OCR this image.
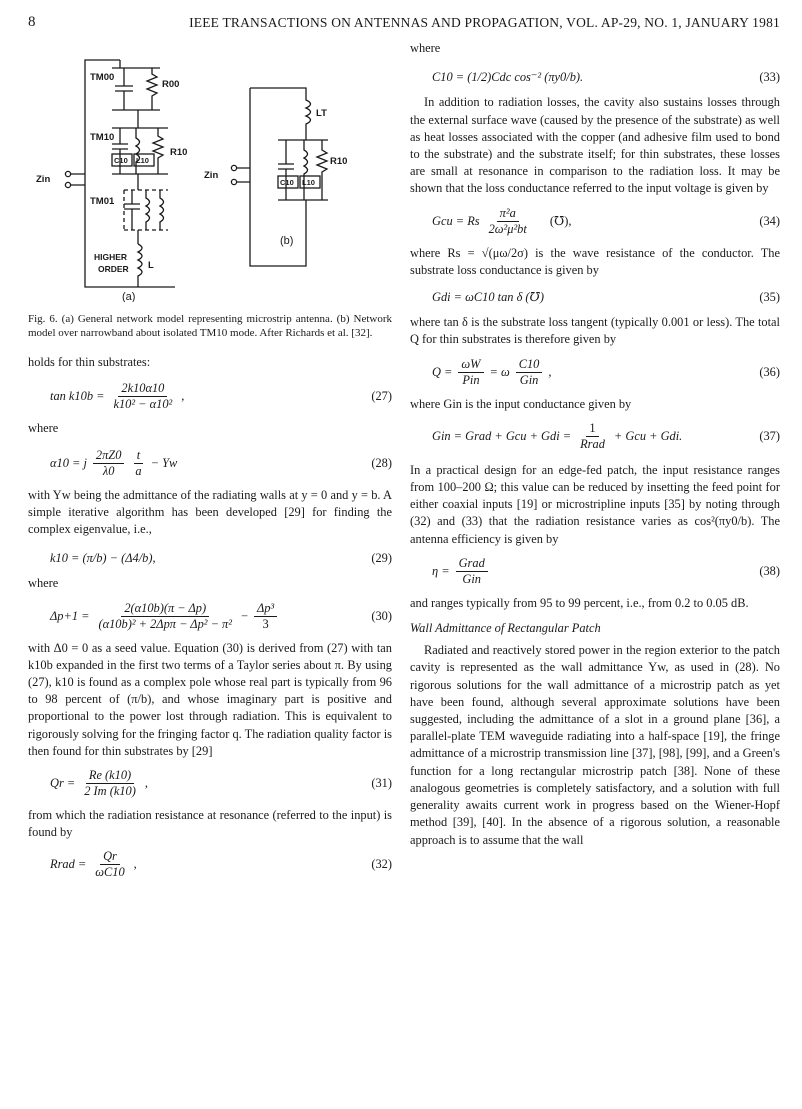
8	IEEE TRANSACTIONS ON ANTENNAS AND PROPAGATION, VOL. AP-29, NO. 1, JANUARY 1981
TM00
R00
TM10
R10
C10 L10
TM01
HIGHER
ORDER L
Zin
LT
R10
C10 L10
Zin
(a)
(b)

Fig. 6. (a) General network model representing microstrip antenna. (b) Network model over narrowband about isolated TM10 mode. After Richards et al. [32].

holds for thin substrates:

$\tan k10b = \frac{2k10\alpha 10}{\text{k10² − α10²}}$ ,	(27)

where

α10 = j $\frac{2\pi Z0}{\lambda 0} \frac{t}{a} - Yw$	(28)

with Yw being the admittance of the radiating walls at y = 0 and y = b. A simple iterative algorithm has been developed [29] for finding the complex eigenvalue, i.e.,

k10 = (π/b) − (Δ4/b),	(29)

where

$\Delta p+1 = \frac{2(\alpha 10b)(\pi - \Delta p)}{\text{(α10b)² + 2Δpπ − Δp² − π²}} - \frac{\text{Δp³}}{3}$	(30)

with Δ0 = 0 as a seed value. Equation (30) is derived from (27) with tan k10b expanded in the first two terms of a Taylor series about π. By using (27), k10 is found as a complex pole whose real part is typically from 96 to 98 percent of (π/b), and whose imaginary part is positive and proportional to the power lost through radiation. This is equivalent to rigorously solving for the fringing factor q. The radiation quality factor is then found for thin substrates by [29]

$Qr = \frac{Re (k10)}{2 Im (k10)}$ ,	(31)

from which the radiation resistance at resonance (referred to the input) is found by

Rrad = $\frac{Qr}{\omega C10}$ ,	(32)

where

C10 = (1/2)Cdc cos⁻² (πy0/b).	(33)

In addition to radiation losses, the cavity also sustains losses through the external surface wave (caused by the presence of the substrate) as well as heat losses associated with the copper (and adhesive film used to bond to the substrate) and the substrate itself; for thin substrates, these losses are small at resonance in comparison to the radiation loss. It may be shown that the loss conductance referred to the input voltage is given by

Gcu = Rs $\frac{\text{π²a}}{\text{2ω²μ²bt}}$ (℧),	(34)

where Rs = √(μω/2σ) is the wave resistance of the conductor. The substrate loss conductance is given by

Gdi = ωC10 tan δ (℧)	(35)

where tan δ is the substrate loss tangent (typically 0.001 or less). The total Q for thin substrates is therefore given by

$Q = \frac{\omega W}{\text{Pin}} = \omega \frac{C10}{\text{Gin}}$ ,	(36)

where Gin is the input conductance given by

Gin = Grad + Gcu + Gdi = $\frac{1}{\text{Rrad}}$ + Gcu + Gdi.	(37)

In a practical design for an edge-fed patch, the input resistance ranges from 100–200 Ω; this value can be reduced by insetting the feed point for either coaxial inputs [19] or microstripline inputs [35] by noting through (32) and (33) that the radiation resistance varies as cos²(πy0/b). The antenna efficiency is given by

$\eta = \frac{\text{Grad}}{\text{Gin}}$	(38)

and ranges typically from 95 to 99 percent, i.e., from 0.2 to 0.05 dB.

Wall Admittance of Rectangular Patch

Radiated and reactively stored power in the region exterior to the patch cavity is represented as the wall admittance Yw, as used in (28). No rigorous solutions for the wall admittance of a microstrip patch as yet have been found, although several approximate solutions have been suggested, including the admittance of a slot in a ground plane [36], a parallel-plate TEM waveguide radiating into a half-space [19], the fringe admittance of a microstrip transmission line [37], [98], [99], and a Green's function for a long rectangular microstrip patch [38]. None of these analogous geometries is completely satisfactory, and a solution with full generality awaits current work in progress based on the Wiener-Hopf method [39], [40]. In the absence of a rigorous solution, a reasonable approach is to assume that the wall
